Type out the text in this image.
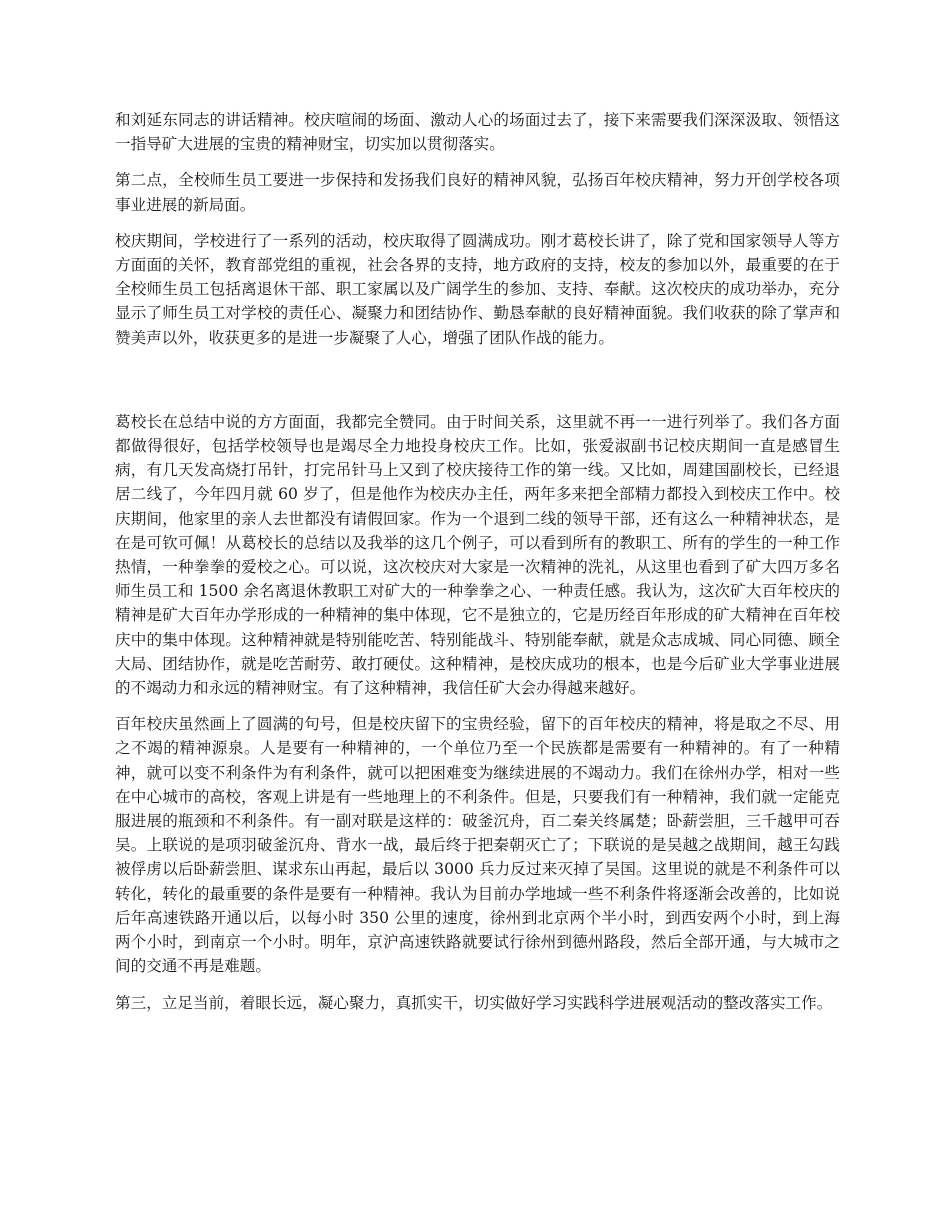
和刘延东同志的讲话精神。校庆喧闹的场面、激动人心的场面过去了，接下来需要我们深深汲取、领悟这一指导矿大进展的宝贵的精神财宝，切实加以贯彻落实。

第二点，全校师生员工要进一步保持和发扬我们良好的精神风貌，弘扬百年校庆精神，努力开创学校各项事业进展的新局面。

校庆期间，学校进行了一系列的活动，校庆取得了圆满成功。刚才葛校长讲了，除了党和国家领导人等方方面面的关怀，教育部党组的重视，社会各界的支持，地方政府的支持，校友的参加以外，最重要的在于全校师生员工包括离退休干部、职工家属以及广阔学生的参加、支持、奉献。这次校庆的成功举办，充分显示了师生员工对学校的责任心、凝聚力和团结协作、勤恳奉献的良好精神面貌。我们收获的除了掌声和赞美声以外，收获更多的是进一步凝聚了人心，增强了团队作战的能力。

葛校长在总结中说的方方面面，我都完全赞同。由于时间关系，这里就不再一一进行列举了。我们各方面都做得很好，包括学校领导也是竭尽全力地投身校庆工作。比如，张爱淑副书记校庆期间一直是感冒生病，有几天发高烧打吊针，打完吊针马上又到了校庆接待工作的第一线。又比如，周建国副校长，已经退居二线了，今年四月就 60 岁了，但是他作为校庆办主任，两年多来把全部精力都投入到校庆工作中。校庆期间，他家里的亲人去世都没有请假回家。作为一个退到二线的领导干部，还有这么一种精神状态，是在是可钦可佩！从葛校长的总结以及我举的这几个例子，可以看到所有的教职工、所有的学生的一种工作热情，一种拳拳的爱校之心。可以说，这次校庆对大家是一次精神的洗礼，从这里也看到了矿大四万多名师生员工和 1500 余名离退休教职工对矿大的一种拳拳之心、一种责任感。我认为，这次矿大百年校庆的精神是矿大百年办学形成的一种精神的集中体现，它不是独立的，它是历经百年形成的矿大精神在百年校庆中的集中体现。这种精神就是特别能吃苦、特别能战斗、特别能奉献，就是众志成城、同心同德、顾全大局、团结协作，就是吃苦耐劳、敢打硬仗。这种精神，是校庆成功的根本，也是今后矿业大学事业进展的不竭动力和永远的精神财宝。有了这种精神，我信任矿大会办得越来越好。

百年校庆虽然画上了圆满的句号，但是校庆留下的宝贵经验，留下的百年校庆的精神，将是取之不尽、用之不竭的精神源泉。人是要有一种精神的，一个单位乃至一个民族都是需要有一种精神的。有了一种精神，就可以变不利条件为有利条件，就可以把困难变为继续进展的不竭动力。我们在徐州办学，相对一些在中心城市的高校，客观上讲是有一些地理上的不利条件。但是，只要我们有一种精神，我们就一定能克服进展的瓶颈和不利条件。有一副对联是这样的：破釜沉舟，百二秦关终属楚；卧薪尝胆，三千越甲可吞吴。上联说的是项羽破釜沉舟、背水一战，最后终于把秦朝灭亡了；下联说的是吴越之战期间，越王勾践被俘虏以后卧薪尝胆、谋求东山再起，最后以 3000 兵力反过来灭掉了吴国。这里说的就是不利条件可以转化，转化的最重要的条件是要有一种精神。我认为目前办学地域一些不利条件将逐渐会改善的，比如说后年高速铁路开通以后，以每小时 350 公里的速度，徐州到北京两个半小时，到西安两个小时，到上海两个小时，到南京一个小时。明年，京沪高速铁路就要试行徐州到德州路段，然后全部开通，与大城市之间的交通不再是难题。

第三，立足当前，着眼长远，凝心聚力，真抓实干，切实做好学习实践科学进展观活动的整改落实工作。
